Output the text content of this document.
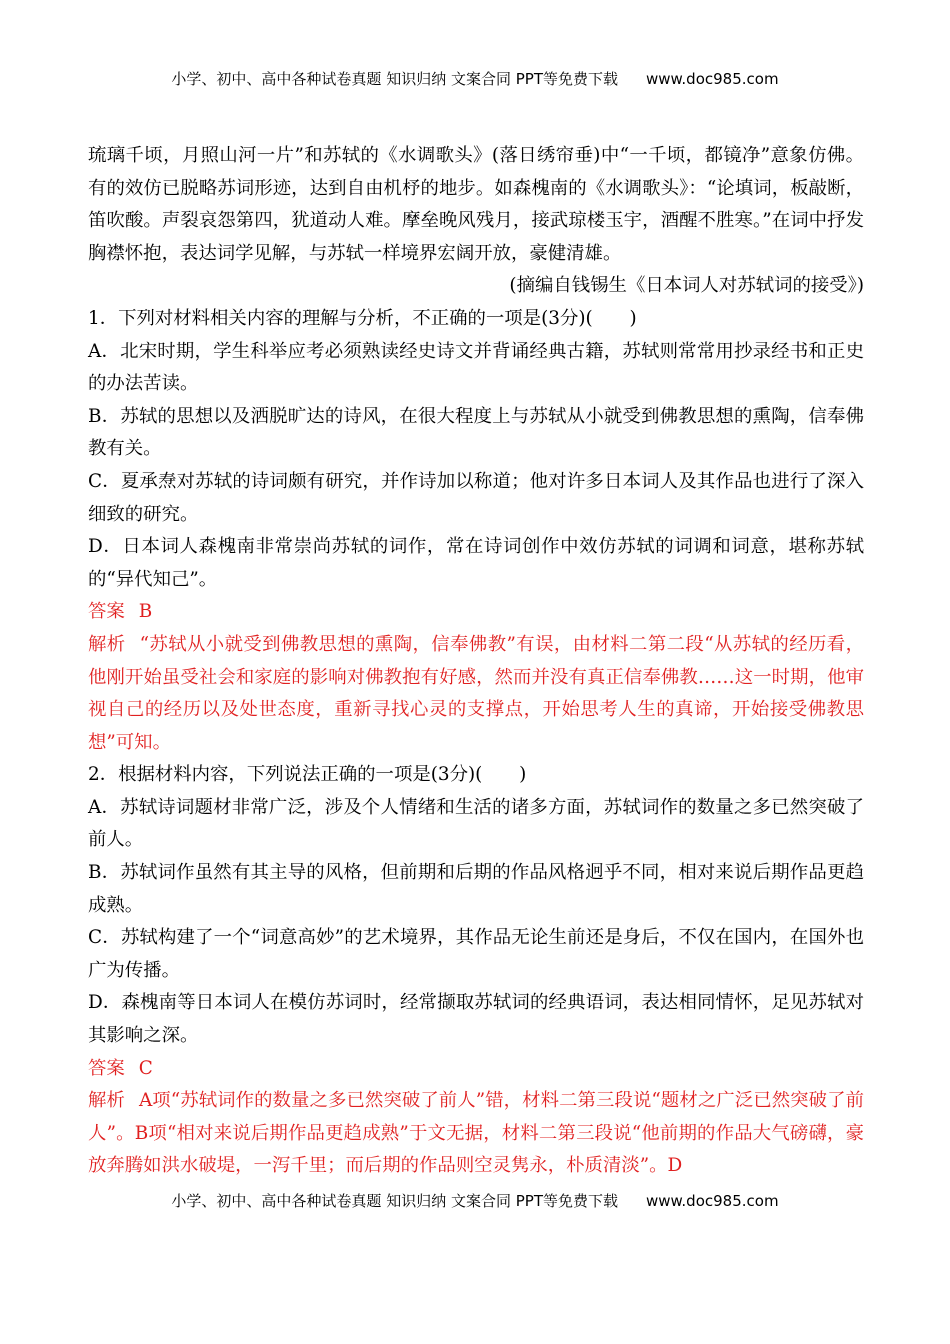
小学、初中、高中各种试卷真题 知识归纳 文案合同 PPT等免费下载 www.doc985.com

琉璃千顷，月照山河一片”和苏轼的《水调歌头》(落日绣帘垂)中“一千顷，都镜净”意象仿佛。有的效仿已脱略苏词形迹，达到自由机杼的地步。如森槐南的《水调歌头》：“论填词，板敲断，笛吹酸。声裂哀怨第四，犹道动人难。摩垒晚风残月，接武琼楼玉宇，酒醒不胜寒。”在词中抒发胸襟怀抱，表达词学见解，与苏轼一样境界宏阔开放，豪健清雄。

(摘编自钱锡生《日本词人对苏轼词的接受》)

1．下列对材料相关内容的理解与分析，不正确的一项是(3分)(　　)

A．北宋时期，学生科举应考必须熟读经史诗文并背诵经典古籍，苏轼则常常用抄录经书和正史的办法苦读。

B．苏轼的思想以及洒脱旷达的诗风，在很大程度上与苏轼从小就受到佛教思想的熏陶，信奉佛教有关。

C．夏承焘对苏轼的诗词颇有研究，并作诗加以称道；他对许多日本词人及其作品也进行了深入细致的研究。

D．日本词人森槐南非常崇尚苏轼的词作，常在诗词创作中效仿苏轼的词调和词意，堪称苏轼的“异代知己”。

答案 B

解析 “苏轼从小就受到佛教思想的熏陶，信奉佛教”有误，由材料二第二段“从苏轼的经历看，他刚开始虽受社会和家庭的影响对佛教抱有好感，然而并没有真正信奉佛教……这一时期，他审视自己的经历以及处世态度，重新寻找心灵的支撑点，开始思考人生的真谛，开始接受佛教思想”可知。

2．根据材料内容，下列说法正确的一项是(3分)(　　)

A．苏轼诗词题材非常广泛，涉及个人情绪和生活的诸多方面，苏轼词作的数量之多已然突破了前人。

B．苏轼词作虽然有其主导的风格，但前期和后期的作品风格迥乎不同，相对来说后期作品更趋成熟。

C．苏轼构建了一个“词意高妙”的艺术境界，其作品无论生前还是身后，不仅在国内，在国外也广为传播。

D．森槐南等日本词人在模仿苏词时，经常撷取苏轼词的经典语词，表达相同情怀，足见苏轼对其影响之深。

答案 C

解析 A项“苏轼词作的数量之多已然突破了前人”错，材料二第三段说“题材之广泛已然突破了前人”。B项“相对来说后期作品更趋成熟”于文无据，材料二第三段说“他前期的作品大气磅礴，豪放奔腾如洪水破堤，一泻千里；而后期的作品则空灵隽永，朴质清淡”。D

小学、初中、高中各种试卷真题 知识归纳 文案合同 PPT等免费下载 www.doc985.com
